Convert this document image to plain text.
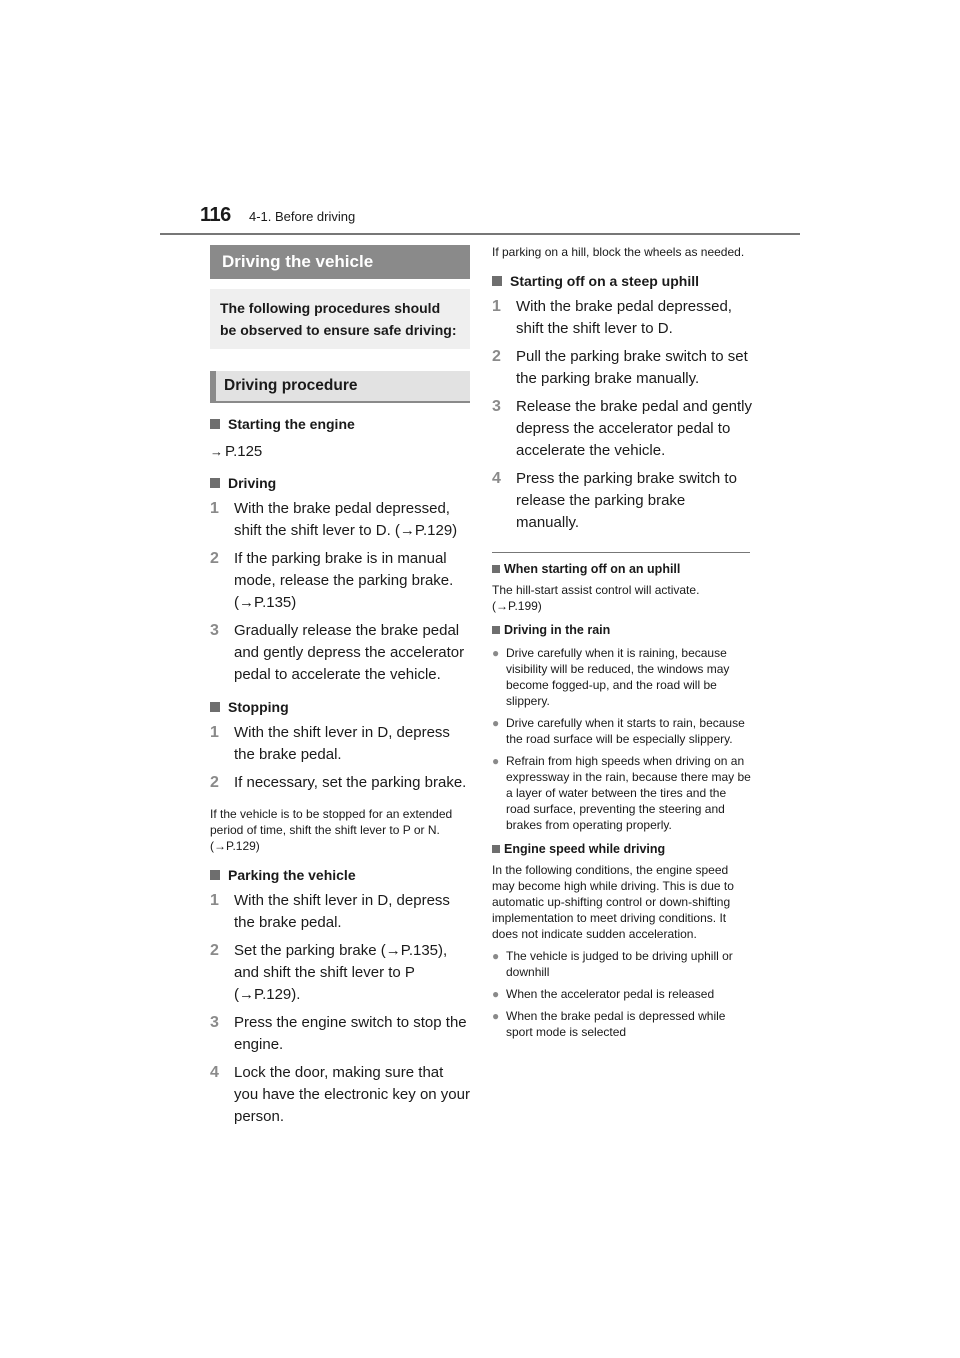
116 4-1. Before driving
Driving the vehicle
The following procedures should be observed to ensure safe driving:
Driving procedure
Starting the engine
→ P.125
Driving
1	With the brake pedal depressed, shift the shift lever to D. (→P.129)
2	If the parking brake is in manual mode, release the parking brake. (→P.135)
3	Gradually release the brake pedal and gently depress the accelerator pedal to accelerate the vehicle.
Stopping
1	With the shift lever in D, depress the brake pedal.
2	If necessary, set the parking brake.
If the vehicle is to be stopped for an extended period of time, shift the shift lever to P or N. (→P.129)
Parking the vehicle
1	With the shift lever in D, depress the brake pedal.
2	Set the parking brake (→P.135), and shift the shift lever to P (→P.129).
3	Press the engine switch to stop the engine.
4	Lock the door, making sure that you have the electronic key on your person.
If parking on a hill, block the wheels as needed.
Starting off on a steep uphill
1	With the brake pedal depressed, shift the shift lever to D.
2	Pull the parking brake switch to set the parking brake manually.
3	Release the brake pedal and gently depress the accelerator pedal to accelerate the vehicle.
4	Press the parking brake switch to release the parking brake manually.
When starting off on an uphill
The hill-start assist control will activate. (→P.199)
Driving in the rain
● Drive carefully when it is raining, because visibility will be reduced, the windows may become fogged-up, and the road will be slippery.
● Drive carefully when it starts to rain, because the road surface will be especially slippery.
● Refrain from high speeds when driving on an expressway in the rain, because there may be a layer of water between the tires and the road surface, preventing the steering and brakes from operating properly.
Engine speed while driving
In the following conditions, the engine speed may become high while driving. This is due to automatic up-shifting control or down-shifting implementation to meet driving conditions. It does not indicate sudden acceleration.
● The vehicle is judged to be driving uphill or downhill
● When the accelerator pedal is released
● When the brake pedal is depressed while sport mode is selected
